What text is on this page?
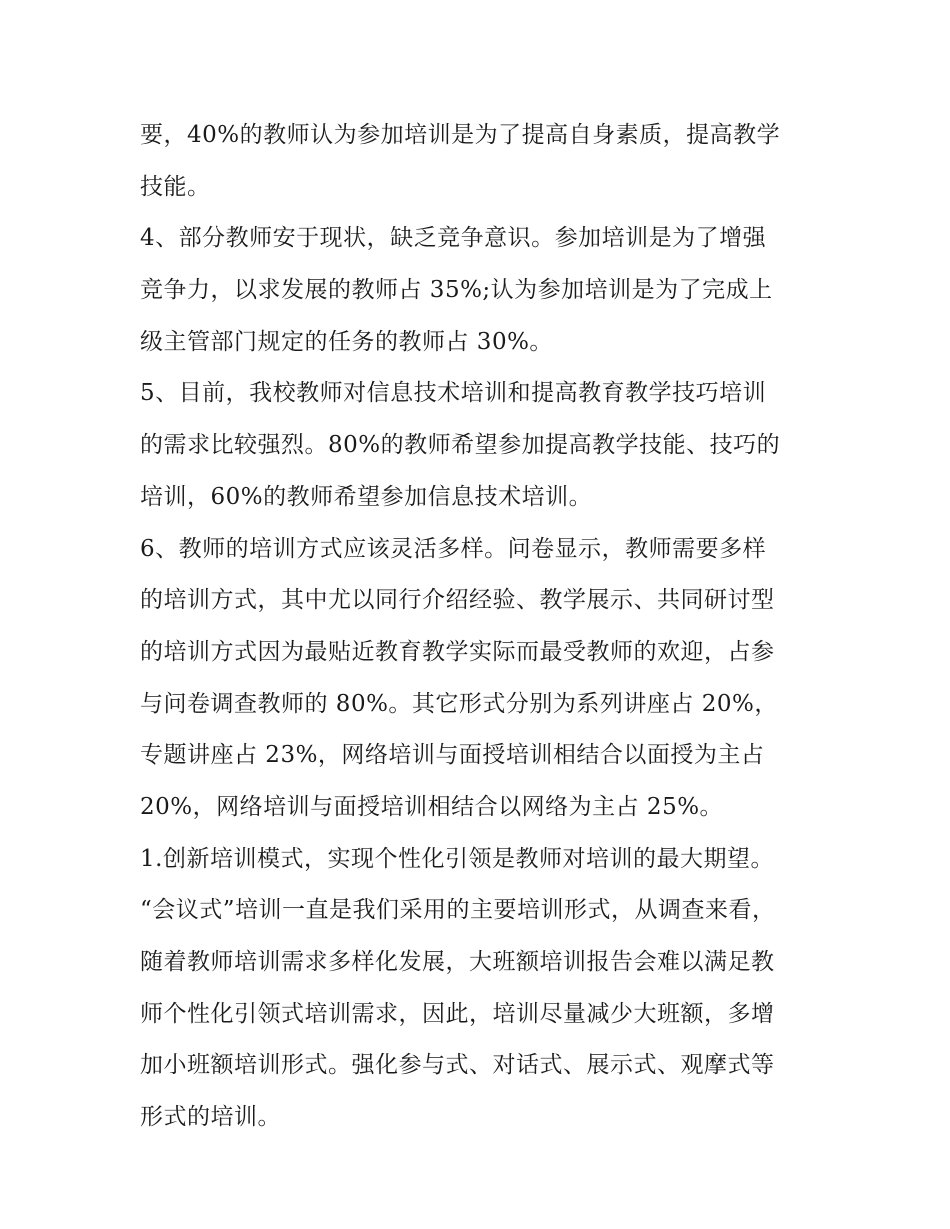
要，40%的教师认为参加培训是为了提高自身素质，提高教学
技能。
4、部分教师安于现状，缺乏竞争意识。参加培训是为了增强
竞争力，以求发展的教师占 35%;认为参加培训是为了完成上
级主管部门规定的任务的教师占 30%。
5、目前，我校教师对信息技术培训和提高教育教学技巧培训
的需求比较强烈。80%的教师希望参加提高教学技能、技巧的
培训，60%的教师希望参加信息技术培训。
6、教师的培训方式应该灵活多样。问卷显示，教师需要多样
的培训方式，其中尤以同行介绍经验、教学展示、共同研讨型
的培训方式因为最贴近教育教学实际而最受教师的欢迎，占参
与问卷调查教师的 80%。其它形式分别为系列讲座占 20%，
专题讲座占 23%，网络培训与面授培训相结合以面授为主占
20%，网络培训与面授培训相结合以网络为主占 25%。
1.创新培训模式，实现个性化引领是教师对培训的最大期望。
“会议式”培训一直是我们采用的主要培训形式，从调查来看，
随着教师培训需求多样化发展，大班额培训报告会难以满足教
师个性化引领式培训需求，因此，培训尽量减少大班额，多增
加小班额培训形式。强化参与式、对话式、展示式、观摩式等
形式的培训。
